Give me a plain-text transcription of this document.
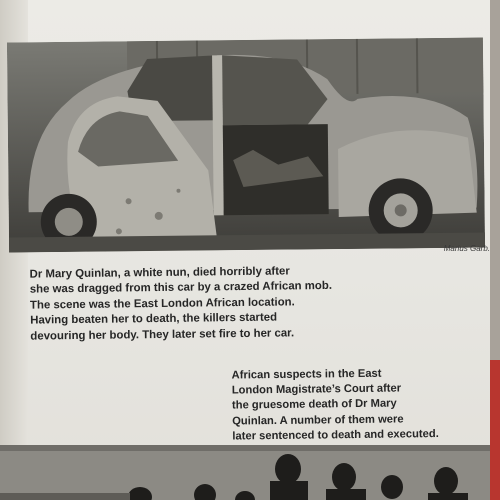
Marius Garb.

Dr Mary Quinlan, a white nun, died horribly after

she was dragged from this car by a crazed African mob.

The scene was the East London African location.

Having beaten her to death, the killers started

devouring her body. They later set fire to her car.

African suspects in the East

London Magistrate’s Court after

the gruesome death of Dr Mary

Quinlan. A number of them were

later sentenced to death and executed.
